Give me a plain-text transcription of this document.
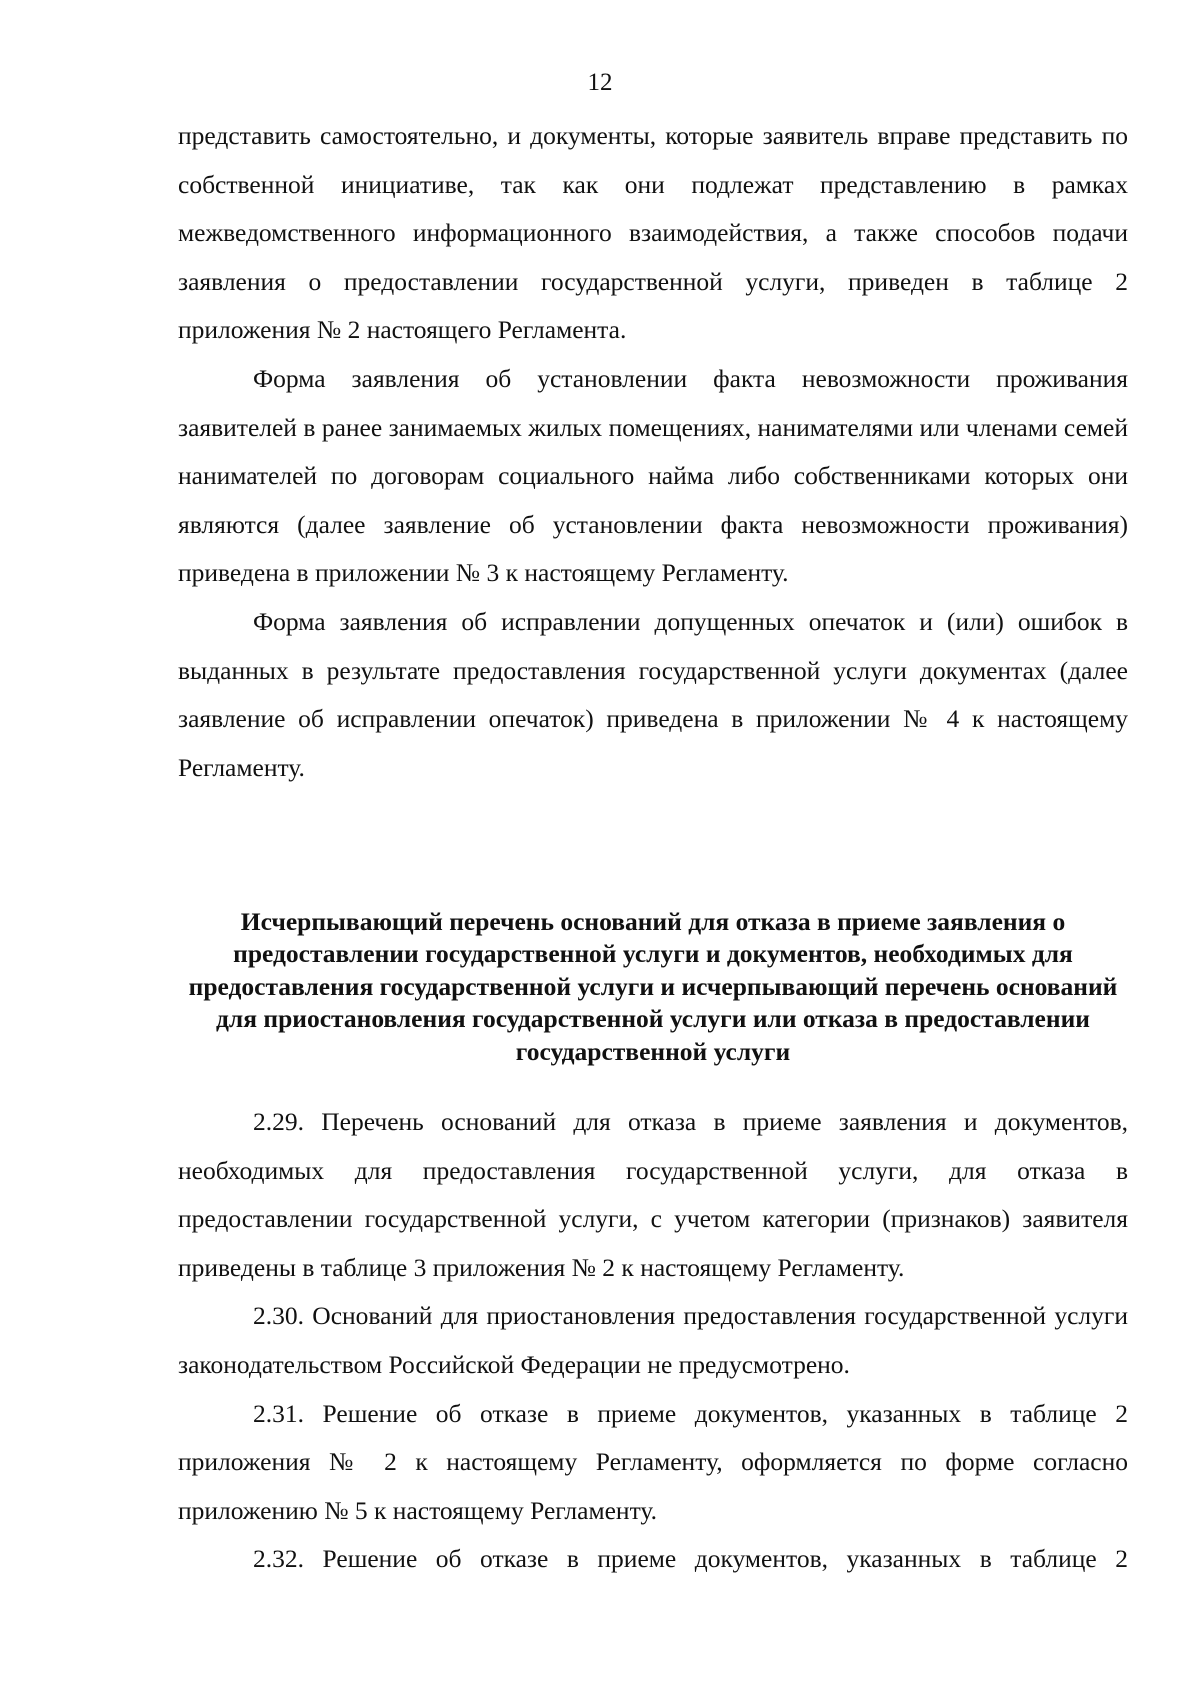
12

представить самостоятельно, и документы, которые заявитель вправе представить по собственной инициативе, так как они подлежат представлению в рамках межведомственного информационного взаимодействия, а также способов подачи заявления о предоставлении государственной услуги, приведен в таблице 2 приложения № 2 настоящего Регламента.

Форма заявления об установлении факта невозможности проживания заявителей в ранее занимаемых жилых помещениях, нанимателями или членами семей нанимателей по договорам социального найма либо собственниками которых они являются (далее заявление об установлении факта невозможности проживания) приведена в приложении № 3 к настоящему Регламенту.

Форма заявления об исправлении допущенных опечаток и (или) ошибок в выданных в результате предоставления государственной услуги документах (далее заявление об исправлении опечаток) приведена в приложении № 4 к настоящему Регламенту.

Исчерпывающий перечень оснований для отказа в приеме заявления о предоставлении государственной услуги и документов, необходимых для предоставления государственной услуги и исчерпывающий перечень оснований для приостановления государственной услуги или отказа в предоставлении государственной услуги

2.29. Перечень оснований для отказа в приеме заявления и документов, необходимых для предоставления государственной услуги, для отказа в предоставлении государственной услуги, с учетом категории (признаков) заявителя приведены в таблице 3 приложения № 2 к настоящему Регламенту.

2.30. Оснований для приостановления предоставления государственной услуги законодательством Российской Федерации не предусмотрено.

2.31. Решение об отказе в приеме документов, указанных в таблице 2 приложения № 2 к настоящему Регламенту, оформляется по форме согласно приложению № 5 к настоящему Регламенту.

2.32. Решение об отказе в приеме документов, указанных в таблице 2
